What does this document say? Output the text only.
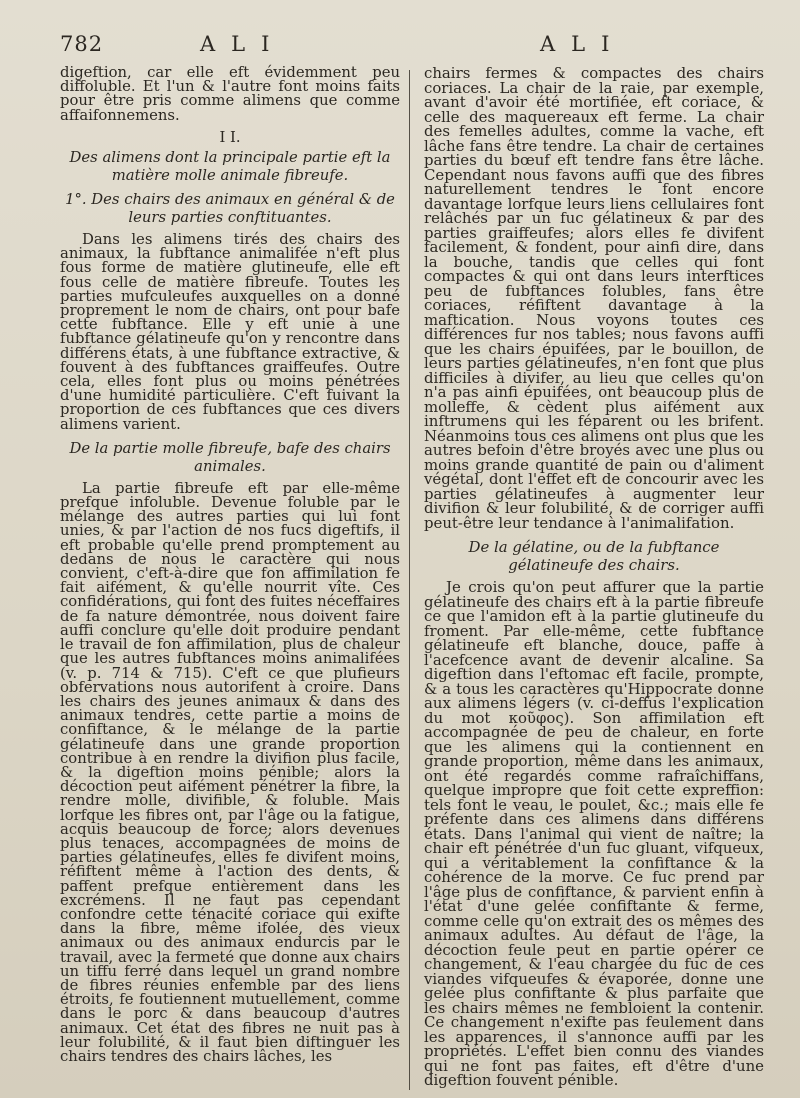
782	ALI	ALI

digeftion, car elle eft évidemment peu diffoluble. Et l'un & l'autre font moins faits pour être pris comme alimens que comme affaifonnemens.

I I.

Des alimens dont la principale partie eft la matière molle animale fibreufe.

1°. Des chairs des animaux en général & de leurs parties conftituantes.

Dans les alimens tirés des chairs des animaux, la fubftance animalifée n'eft plus fous forme de matière glutineufe, elle eft fous celle de matière fibreufe. Toutes les parties mufculeufes auxquelles on a donné proprement le nom de chairs, ont pour bafe cette fubftance. Elle y eft unie à une fubftance gélatineufe qu'on y rencontre dans différens états, à une fubftance extractive, & fouvent à des fubftances graiffeufes. Outre cela, elles font plus ou moins pénétrées d'une humidité particulière. C'eft fuivant la proportion de ces fubftances que ces divers alimens varient.

De la partie molle fibreufe, bafe des chairs animales.

La partie fibreufe eft par elle-même prefque infoluble. Devenue foluble par le mélange des autres parties qui lui font unies, & par l'action de nos fucs digeftifs, il eft probable qu'elle prend promptement au dedans de nous le caractère qui nous convient, c'eft-à-dire que fon affimilation fe fait aifément, & qu'elle nourrit vîte. Ces confidérations, qui font des fuites néceffaires de fa nature démontrée, nous doivent faire auffi conclure qu'elle doit produire pendant le travail de fon affimilation, plus de chaleur que les autres fubftances moins animalifées (v. p. 714 & 715). C'eft ce que plufieurs obfervations nous autorifent à croire. Dans les chairs des jeunes animaux & dans des animaux tendres, cette partie a moins de confiftance, & le mélange de la partie gélatineufe dans une grande proportion contribue à en rendre la divifion plus facile, & la digeftion moins pénible; alors la décoction peut aifément pénétrer la fibre, la rendre molle, divifible, & foluble. Mais lorfque les fibres ont, par l'âge ou la fatigue, acquis beaucoup de force; alors devenues plus tenaces, accompagnées de moins de parties gélatineufes, elles fe divifent moins, réfiftent même à l'action des dents, & paffent prefque entièrement dans les excrémens. Il ne faut pas cependant confondre cette ténacité coriace qui exifte dans la fibre, même ifolée, des vieux animaux ou des animaux endurcis par le travail, avec la fermeté que donne aux chairs un tiffu ferré dans lequel un grand nombre de fibres réunies enfemble par des liens étroits, fe foutiennent mutuellement, comme dans le porc & dans beaucoup d'autres animaux. Cet état des fibres ne nuit pas à leur folubilité, & il faut bien diftinguer les chairs tendres des chairs lâches, les

chairs fermes & compactes des chairs coriaces. La chair de la raie, par exemple, avant d'avoir été mortifiée, eft coriace, & celle des maquereaux eft ferme. La chair des femelles adultes, comme la vache, eft lâche fans être tendre. La chair de certaines parties du bœuf eft tendre fans être lâche. Cependant nous favons auffi que des fibres naturellement tendres le font encore davantage lorfque leurs liens cellulaires font relâchés par un fuc gélatineux & par des parties graiffeufes; alors elles fe divifent facilement, & fondent, pour ainfi dire, dans la bouche, tandis que celles qui font compactes & qui ont dans leurs interftices peu de fubftances folubles, fans être coriaces, réfiftent davantage à la maftication. Nous voyons toutes ces différences fur nos tables; nous favons auffi que les chairs épuifées, par le bouillon, de leurs parties gélatineufes, n'en font que plus difficiles à divifer, au lieu que celles qu'on n'a pas ainfi épuifées, ont beaucoup plus de molleffe, & cèdent plus aifément aux inftrumens qui les féparent ou les brifent. Néanmoins tous ces alimens ont plus que les autres befoin d'être broyés avec une plus ou moins grande quantité de pain ou d'aliment végétal, dont l'effet eft de concourir avec les parties gélatineufes à augmenter leur divifion & leur folubilité, & de corriger auffi peut-être leur tendance à l'animalifation.

De la gélatine, ou de la fubftance gélatineufe des chairs.

Je crois qu'on peut affurer que la partie gélatineufe des chairs eft à la partie fibreufe ce que l'amidon eft à la partie glutineufe du froment. Par elle-même, cette fubftance gélatineufe eft blanche, douce, paffe à l'acefcence avant de devenir alcaline. Sa digeftion dans l'eftomac eft facile, prompte, & a tous les caractères qu'Hippocrate donne aux alimens légers (v. ci-deffus l'explication du mot κοῦφος). Son affimilation eft accompagnée de peu de chaleur, en forte que les alimens qui la contiennent en grande proportion, même dans les animaux, ont été regardés comme rafraîchiffans, quelque impropre que foit cette expreffion: tels font le veau, le poulet, &c.; mais elle fe préfente dans ces alimens dans différens états. Dans l'animal qui vient de naître; la chair eft pénétrée d'un fuc gluant, vifqueux, qui a véritablement la confiftance & la cohérence de la morve. Ce fuc prend par l'âge plus de confiftance, & parvient enfin à l'état d'une gelée confiftante & ferme, comme celle qu'on extrait des os mêmes des animaux adultes. Au défaut de l'âge, la décoction feule peut en partie opérer ce changement, & l'eau chargée du fuc de ces viandes vifqueufes & évaporée, donne une gelée plus confiftante & plus parfaite que les chairs mêmes ne fembloient la contenir. Ce changement n'exifte pas feulement dans les apparences, il s'annonce auffi par les propriétés. L'effet bien connu des viandes qui ne font pas faites, eft d'être d'une digeftion fouvent pénible.
